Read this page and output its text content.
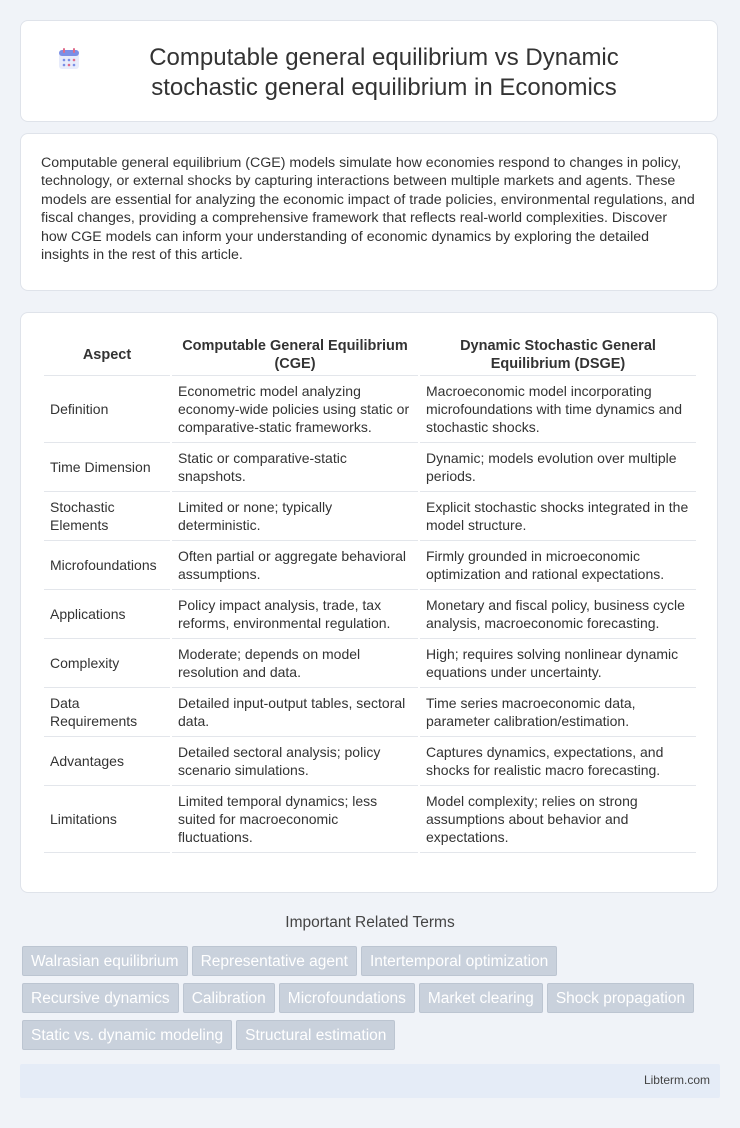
Computable general equilibrium vs Dynamic stochastic general equilibrium in Economics

Computable general equilibrium (CGE) models simulate how economies respond to changes in policy, technology, or external shocks by capturing interactions between multiple markets and agents. These models are essential for analyzing the economic impact of trade policies, environmental regulations, and fiscal changes, providing a comprehensive framework that reflects real-world complexities. Discover how CGE models can inform your understanding of economic dynamics by exploring the detailed insights in the rest of this article.

Aspect	Computable General Equilibrium (CGE)	Dynamic Stochastic General Equilibrium (DSGE)
Definition	Econometric model analyzing economy-wide policies using static or comparative-static frameworks.	Macroeconomic model incorporating microfoundations with time dynamics and stochastic shocks.
Time Dimension	Static or comparative-static snapshots.	Dynamic; models evolution over multiple periods.
Stochastic Elements	Limited or none; typically deterministic.	Explicit stochastic shocks integrated in the model structure.
Microfoundations	Often partial or aggregate behavioral assumptions.	Firmly grounded in microeconomic optimization and rational expectations.
Applications	Policy impact analysis, trade, tax reforms, environmental regulation.	Monetary and fiscal policy, business cycle analysis, macroeconomic forecasting.
Complexity	Moderate; depends on model resolution and data.	High; requires solving nonlinear dynamic equations under uncertainty.
Data Requirements	Detailed input-output tables, sectoral data.	Time series macroeconomic data, parameter calibration/estimation.
Advantages	Detailed sectoral analysis; policy scenario simulations.	Captures dynamics, expectations, and shocks for realistic macro forecasting.
Limitations	Limited temporal dynamics; less suited for macroeconomic fluctuations.	Model complexity; relies on strong assumptions about behavior and expectations.
Important Related Terms
Walrasian equilibrium Representative agent Intertemporal optimization
Recursive dynamics Calibration Microfoundations Market clearing Shock propagation
Static vs. dynamic modeling Structural estimation
Libterm.com
